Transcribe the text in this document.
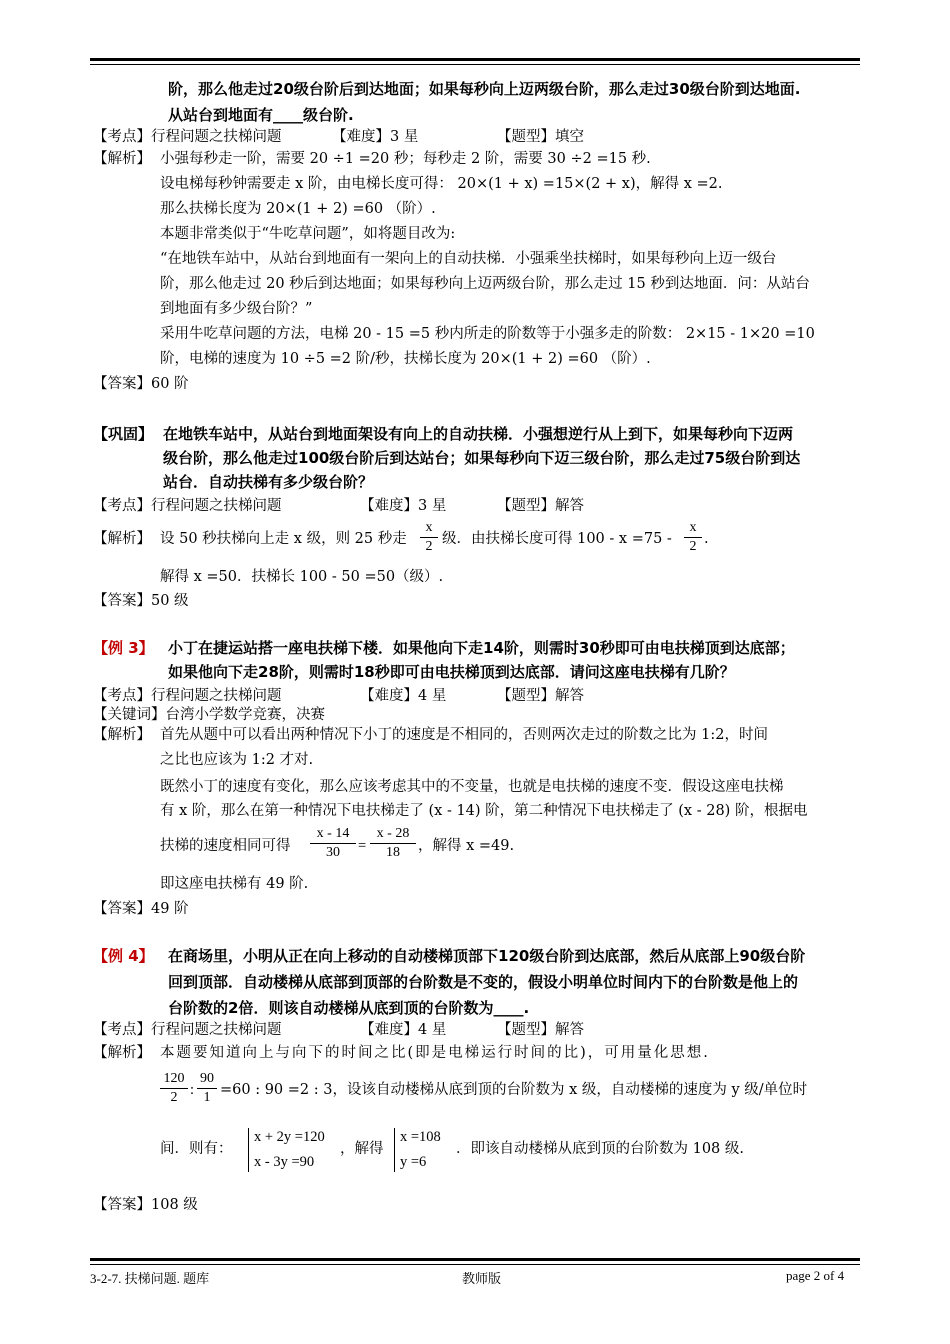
阶，那么他走过20级台阶后到达地面；如果每秒向上迈两级台阶，那么走过30级台阶到达地面.
从站台到地面有____级台阶.
【考点】行程问题之扶梯问题	【难度】3 星	【题型】填空
【解析】 小强每秒走一阶，需要 20 ÷1 =20 秒；每秒走 2 阶，需要 30 ÷2 =15 秒.
设电梯每秒钟需要走 x 阶，由电梯长度可得： 20×(1 + x) =15×(2 + x)，解得 x =2.
那么扶梯长度为 20×(1 + 2) =60 （阶）.
本题非常类似于“牛吃草问题”，如将题目改为:
“在地铁车站中，从站台到地面有一架向上的自动扶梯．小强乘坐扶梯时，如果每秒向上迈一级台
阶，那么他走过 20 秒后到达地面；如果每秒向上迈两级台阶，那么走过 15 秒到达地面．问：从站台
到地面有多少级台阶？”
采用牛吃草问题的方法，电梯 20 - 15 =5 秒内所走的阶数等于小强多走的阶数： 2×15 - 1×20 =10
阶，电梯的速度为 10 ÷5 =2 阶/秒，扶梯长度为 20×(1 + 2) =60 （阶）.
【答案】60 阶
【巩固】 在地铁车站中，从站台到地面架设有向上的自动扶梯．小强想逆行从上到下，如果每秒向下迈两
级台阶，那么他走过100级台阶后到达站台；如果每秒向下迈三级台阶，那么走过75级台阶到达
站台．自动扶梯有多少级台阶？
【考点】行程问题之扶梯问题	【难度】3 星	【题型】解答
【解析】 设 50 秒扶梯向上走 x 级，则 25 秒走 $\frac{x}{2}$ 级．由扶梯长度可得 $100 - x =75 - \frac{x}{2}$ .
解得 x =50．扶梯长 100 - 50 =50（级）.
【答案】50 级
【例 3】 小丁在捷运站搭一座电扶梯下楼．如果他向下走14阶，则需时30秒即可由电扶梯顶到达底部；
如果他向下走28阶，则需时18秒即可由电扶梯顶到达底部．请问这座电扶梯有几阶？
【考点】行程问题之扶梯问题	【难度】4 星	【题型】解答
【关键词】台湾小学数学竞赛，决赛
【解析】 首先从题中可以看出两种情况下小丁的速度是不相同的，否则两次走过的阶数之比为 1:2，时间
之比也应该为 1:2 才对.
既然小丁的速度有变化，那么应该考虑其中的不变量，也就是电扶梯的速度不变．假设这座电扶梯
有 x 阶，那么在第一种情况下电扶梯走了 (x - 14) 阶，第二种情况下电扶梯走了 (x - 28) 阶，根据电
扶梯的速度相同可得 $\frac{x - 14}{30} = \frac{x - 28}{18}$ ，解得 x =49.
即这座电扶梯有 49 阶.
【答案】49 阶
【例 4】 在商场里，小明从正在向上移动的自动楼梯顶部下120级台阶到达底部，然后从底部上90级台阶
回到顶部．自动楼梯从底部到顶部的台阶数是不变的，假设小明单位时间内下的台阶数是他上的
台阶数的2倍．则该自动楼梯从底到顶的台阶数为____.
【考点】行程问题之扶梯问题	【难度】4 星	【题型】解答
【解析】 本题要知道向上与向下的时间之比(即是电梯运行时间的比)，可用量化思想.
$\frac{120}{2}$ : $\frac{90}{1} =60$ : 90 =2 : 3，设该自动楼梯从底到顶的台阶数为 x 级，自动楼梯的速度为 y 级/单位时
间．则有：
x + 2y =120
x - 3y =90
，解得
x =108
y =6
．即该自动楼梯从底到顶的台阶数为 108 级.
【答案】108 级
3-2-7. 扶梯问题. 题库	教师版	page 2 of 4
